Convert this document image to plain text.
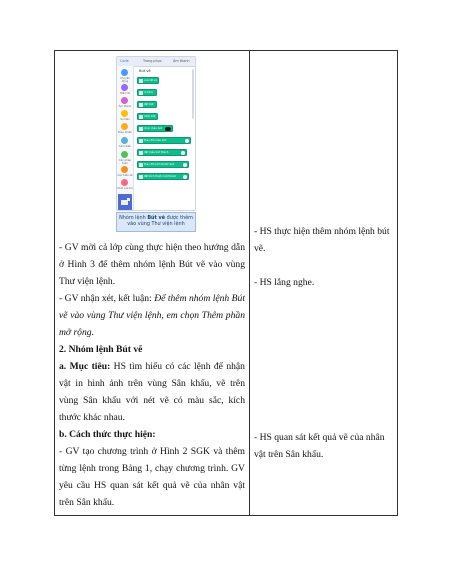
Code	Trang phục	Âm thanh
Chuyển động
Hiển thị
Âm thanh
Sự kiện
Điều khiển
Cảm biến
Các phép toán
Các biến số
Khối của tôi
Bút vẽ
xoá tất cả
in hình
đặt bút
nhấc bút
chọn màu bút
thay đổi màu bút
đặt màu bút thành
thay đổi kích thước bút
đặt kích thước bút thành
Nhóm lệnh Bút vẽ được thêm
vào vùng Thư viện lệnh

- GV mời cả lớp cùng thực hiện theo hướng dẫn ở Hình 3 để thêm nhóm lệnh Bút vẽ vào vùng Thư viện lệnh.

- GV nhận xét, kết luận: Để thêm nhóm lệnh Bút vẽ vào vùng Thư viện lệnh, em chọn Thêm phần mở rộng.

2. Nhóm lệnh Bút vẽ

a. Mục tiêu: HS tìm hiểu có các lệnh để nhận vật in hình ảnh trên vùng Sân khấu, vẽ trên vùng Sân khấu với nét vẽ có màu sắc, kích thước khác nhau.

b. Cách thức thực hiện:

- GV tạo chương trình ở Hình 2 SGK và thêm từng lệnh trong Bảng 1, chạy chương trình. GV yêu cầu HS quan sát kết quả vẽ của nhân vật trên Sân khấu.

- HS thực hiện thêm nhóm lệnh bút vẽ.
- HS lắng nghe.
- HS quan sát kết quả vẽ của nhân vật trên Sân khấu.
